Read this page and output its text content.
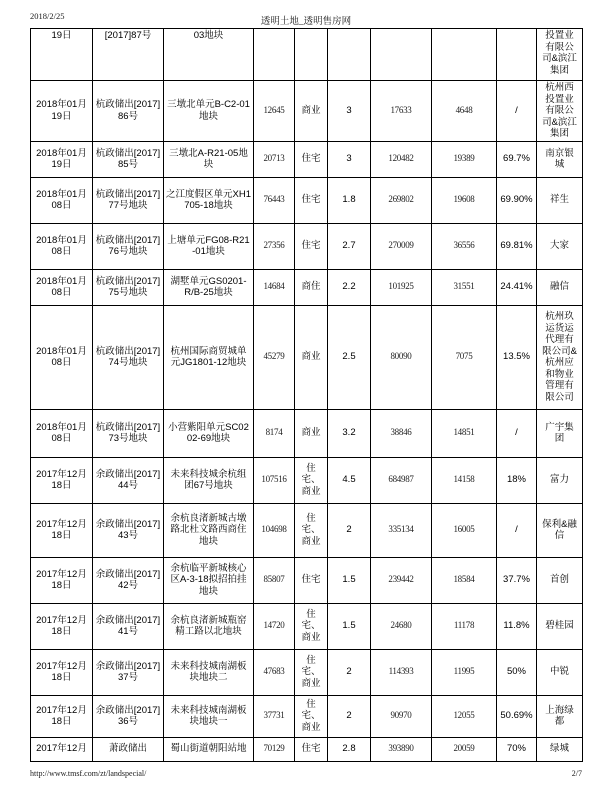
2018/2/25
透明土地_透明售房网
19日	[2017]87号	03地块							投置业有限公司&滨江集团
2018年01月19日	杭政储出[2017]86号	三墩北单元B-C2-01地块	12645	商业	3	17633	4648	/	杭州西投置业有限公司&滨江集团
2018年01月19日	杭政储出[2017]85号	三墩北A-R21-05地块	20713	住宅	3	120482	19389	69.7%	南京银城
2018年01月08日	杭政储出[2017]77号地块	之江度假区单元XH1705-18地块	76443	住宅	1.8	269802	19608	69.90%	祥生
2018年01月08日	杭政储出[2017]76号地块	上塘单元FG08-R21-01地块	27356	住宅	2.7	270009	36556	69.81%	大家
2018年01月08日	杭政储出[2017]75号地块	湖墅单元GS0201-R/B-25地块	14684	商住	2.2	101925	31551	24.41%	融信
2018年01月08日	杭政储出[2017]74号地块	杭州国际商贸城单元JG1801-12地块	45279	商业	2.5	80090	7075	13.5%	杭州玖运货运代理有限公司&杭州应和物业管理有限公司
2018年01月08日	杭政储出[2017]73号地块	小营紫阳单元SC0202-69地块	8174	商业	3.2	38846	14851	/	广宇集团
2017年12月18日	余政储出[2017]44号	未来科技城余杭组团67号地块	107516	住宅、商业	4.5	684987	14158	18%	富力
2017年12月18日	余政储出[2017]43号	余杭良渚新城古墩路北杜文路西商住地块	104698	住宅、商业	2	335134	16005	/	保利&融信
2017年12月18日	余政储出[2017]42号	余杭临平新城核心区A-3-18拟招拍挂地块	85807	住宅	1.5	239442	18584	37.7%	首创
2017年12月18日	余政储出[2017]41号	余杭良渚新城瓶窑精工路以北地块	14720	住宅、商业	1.5	24680	11178	11.8%	碧桂园
2017年12月18日	余政储出[2017]37号	未来科技城南湖板块地块二	47683	住宅、商业	2	114393	11995	50%	中锐
2017年12月18日	余政储出[2017]36号	未来科技城南湖板块地块一	37731	住宅、商业	2	90970	12055	50.69%	上海绿都
2017年12月	萧政储出	蜀山街道朝阳站地	70129	住宅	2.8	393890	20059	70%	绿城
http://www.tmsf.com/zt/landspecial/	2/7
